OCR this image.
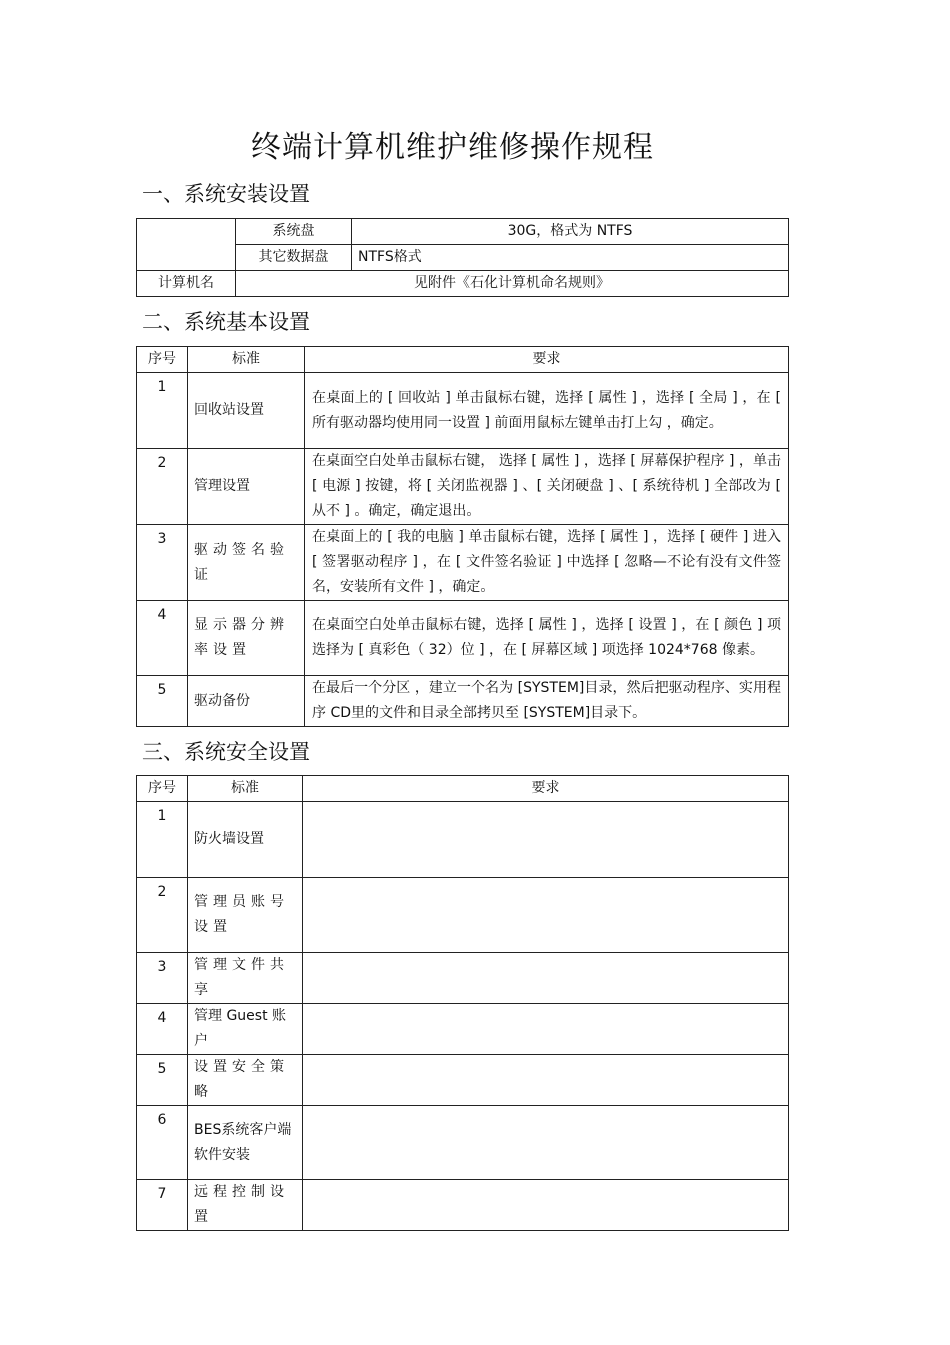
终端计算机维护维修操作规程
一、系统安装设置
	系统盘	30G，格式为 NTFS
	其它数据盘	NTFS格式
计算机名	见附件《石化计算机命名规则》	
二、系统基本设置
序号	标准	要求
1	回收站设置	在桌面上的 [ 回收站 ] 单击鼠标右键，选择 [ 属性 ] ，选择 [ 全局 ] ，在 [ 所有驱动器均使用同一设置 ] 前面用鼠标左键单击打上勾 ，确定。
2	管理设置	在桌面空白处单击鼠标右键， 选择 [ 属性 ] ，选择 [ 屏幕保护程序 ] ，单击 [ 电源 ] 按键，将 [ 关闭监视器 ] 、[ 关闭硬盘 ] 、[ 系统待机 ] 全部改为 [ 从不 ] 。确定，确定退出。
3	驱动签名验证	在桌面上的 [ 我的电脑 ] 单击鼠标右键，选择 [ 属性 ] ，选择 [ 硬件 ] 进入 [ 签署驱动程序 ] ，在 [ 文件签名验证 ] 中选择 [ 忽略—不论有没有文件签名，安装所有文件 ] ，确定。
4	显示器分辨率设置	在桌面空白处单击鼠标右键，选择 [ 属性 ] ，选择 [ 设置 ] ，在 [ 颜色 ] 项选择为 [ 真彩色（ 32）位 ] ，在 [ 屏幕区域 ] 项选择 1024*768 像素。
5	驱动备份	在最后一个分区 ，建立一个名为 [SYSTEM]目录，然后把驱动程序、实用程序 CD里的文件和目录全部拷贝至 [SYSTEM]目录下。
三、系统安全设置
序号	标准	要求
1	防火墙设置	
2	管理员账号设置	
3	管理文件共享	
4	管理 Guest 账户	
5	设置安全策略	
6	BES系统客户端软件安装	
7	远程控制设置	
